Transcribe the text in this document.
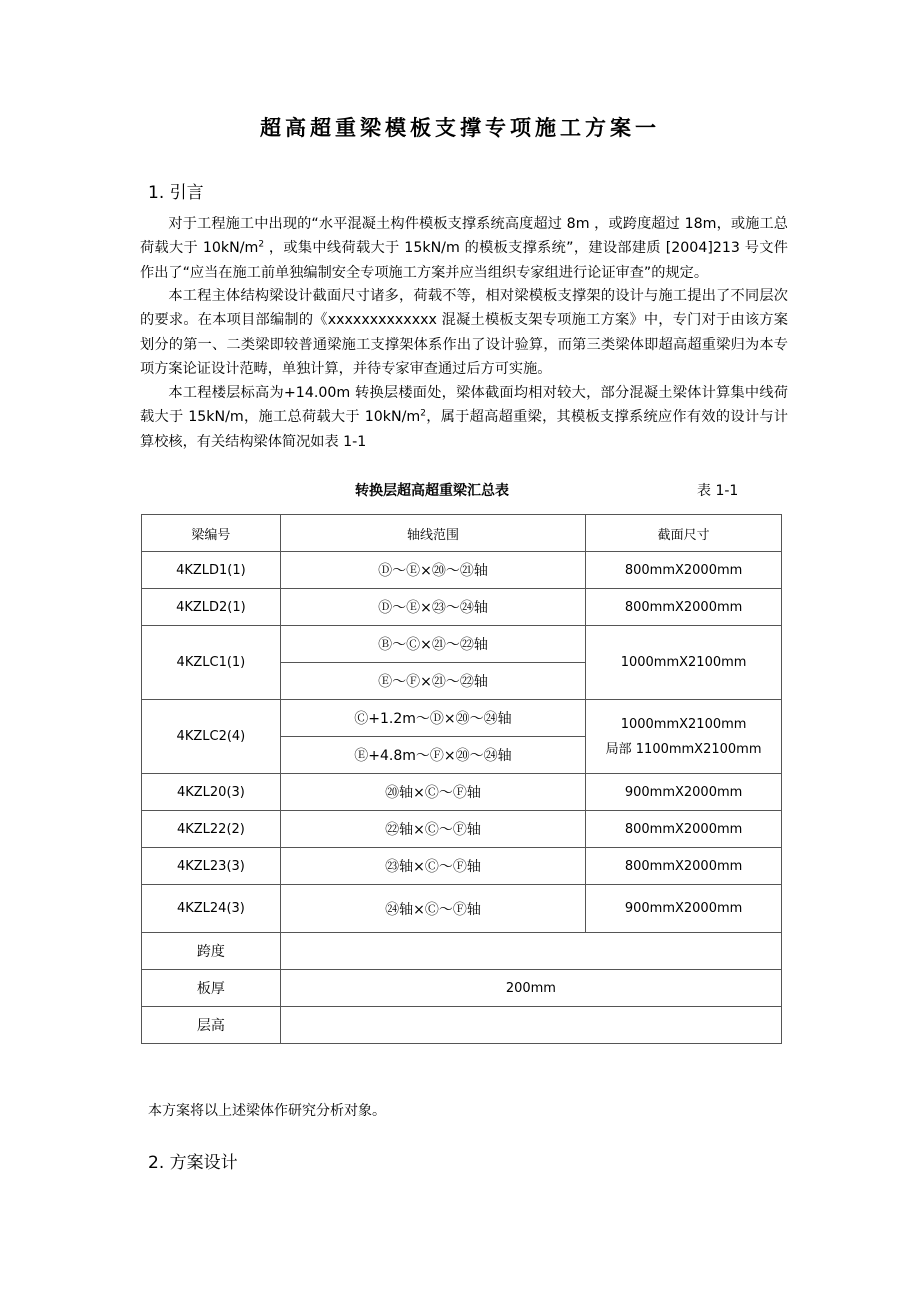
超高超重梁模板支撑专项施工方案一
1. 引言

对于工程施工中出现的“水平混凝土构件模板支撑系统高度超过 8m ，或跨度超过 18m，或施工总荷载大于 $10kN/m^2$ ，或集中线荷载大于 15kN/m 的模板支撑系统”，建设部建质 [2004]213 号文件作出了“应当在施工前单独编制安全专项施工方案并应当组织专家组进行论证审查”的规定。

本工程主体结构梁设计截面尺寸诸多，荷载不等，相对梁模板支撑架的设计与施工提出了不同层次的要求。在本项目部编制的《xxxxxxxxxxxxx 混凝土模板支架专项施工方案》中，专门对于由该方案划分的第一、二类梁即较普通梁施工支撑架体系作出了设计验算，而第三类梁体即超高超重梁归为本专项方案论证设计范畴，单独计算，并待专家审查通过后方可实施。

本工程楼层标高为+14.00m 转换层楼面处，梁体截面均相对较大，部分混凝土梁体计算集中线荷载大于 15kN/m，施工总荷载大于 $10kN/m^2$，属于超高超重梁，其模板支撑系统应作有效的设计与计算校核，有关结构梁体简况如表 1-1

转换层超高超重梁汇总表	表 1-1
梁编号	轴线范围	截面尺寸
4KZLD1(1)	Ⓓ～Ⓔ×⑳～㉑轴	800mmX2000mm
4KZLD2(1)	Ⓓ～Ⓔ×㉓～㉔轴	800mmX2000mm
4KZLC1(1)	Ⓑ～Ⓒ×㉑～㉒轴	1000mmX2100mm
	Ⓔ～Ⓕ×㉑～㉒轴	
4KZLC2(4)	Ⓒ+1.2m～Ⓓ×⑳～㉔轴	1000mmX2100mm
局部 1100mmX2100mm

	Ⓔ+4.8m～Ⓕ×⑳～㉔轴	
4KZL20(3)	⑳轴×Ⓒ～Ⓕ轴	900mmX2000mm
4KZL22(2)	㉒轴×Ⓒ～Ⓕ轴	800mmX2000mm
4KZL23(3)	㉓轴×Ⓒ～Ⓕ轴	800mmX2000mm
4KZL24(3)	㉔轴×Ⓒ～Ⓕ轴	900mmX2000mm
跨度		
板厚	200mm	
层高		
本方案将以上述梁体作研究分析对象。
2. 方案设计
